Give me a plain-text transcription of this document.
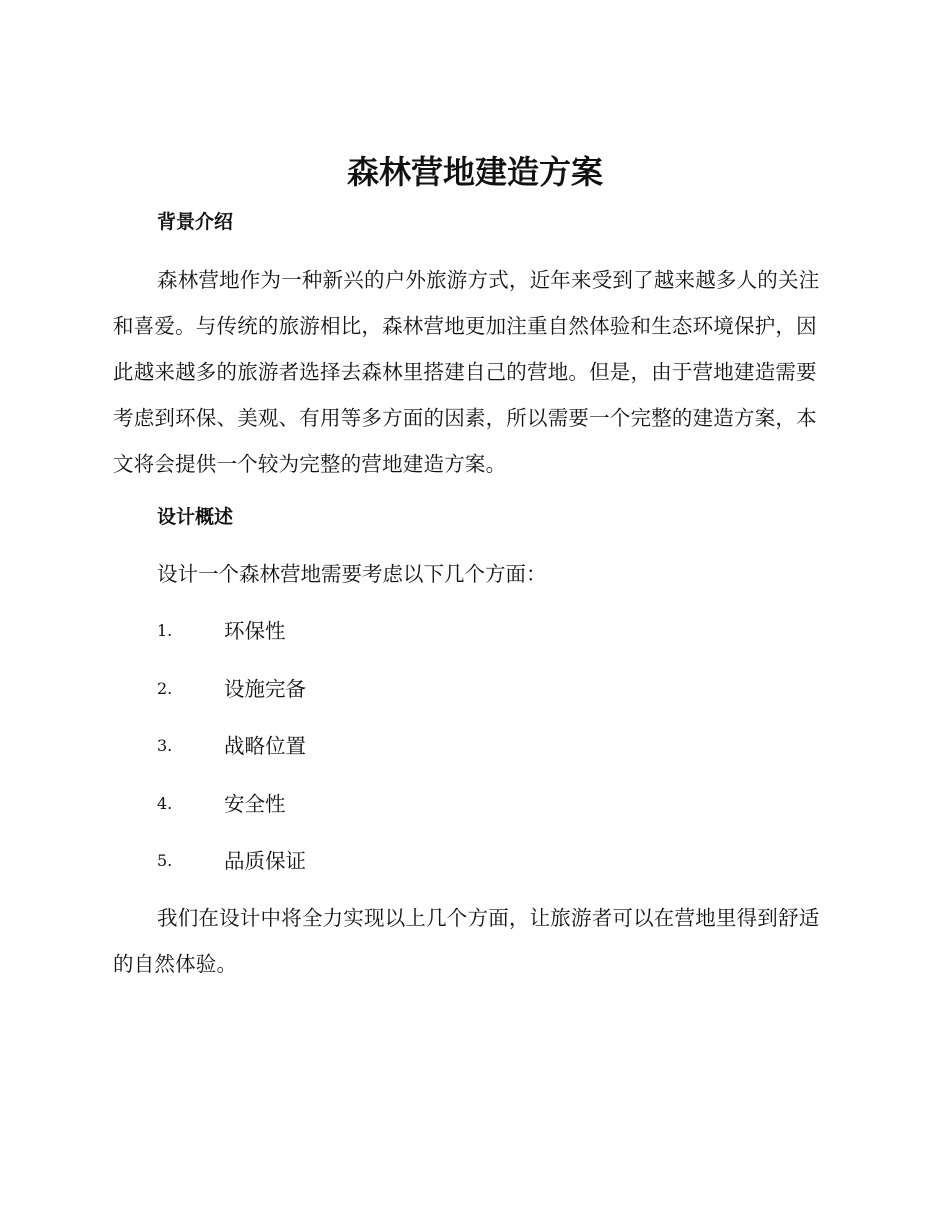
森林营地建造方案
背景介绍

森林营地作为一种新兴的户外旅游方式，近年来受到了越来越多人的关注和喜爱。与传统的旅游相比，森林营地更加注重自然体验和生态环境保护，因此越来越多的旅游者选择去森林里搭建自己的营地。但是，由于营地建造需要考虑到环保、美观、有用等多方面的因素，所以需要一个完整的建造方案，本文将会提供一个较为完整的营地建造方案。

设计概述

设计一个森林营地需要考虑以下几个方面：

1.	环保性
2.	设施完备
3.	战略位置
4.	安全性
5.	品质保证

我们在设计中将全力实现以上几个方面，让旅游者可以在营地里得到舒适的自然体验。
